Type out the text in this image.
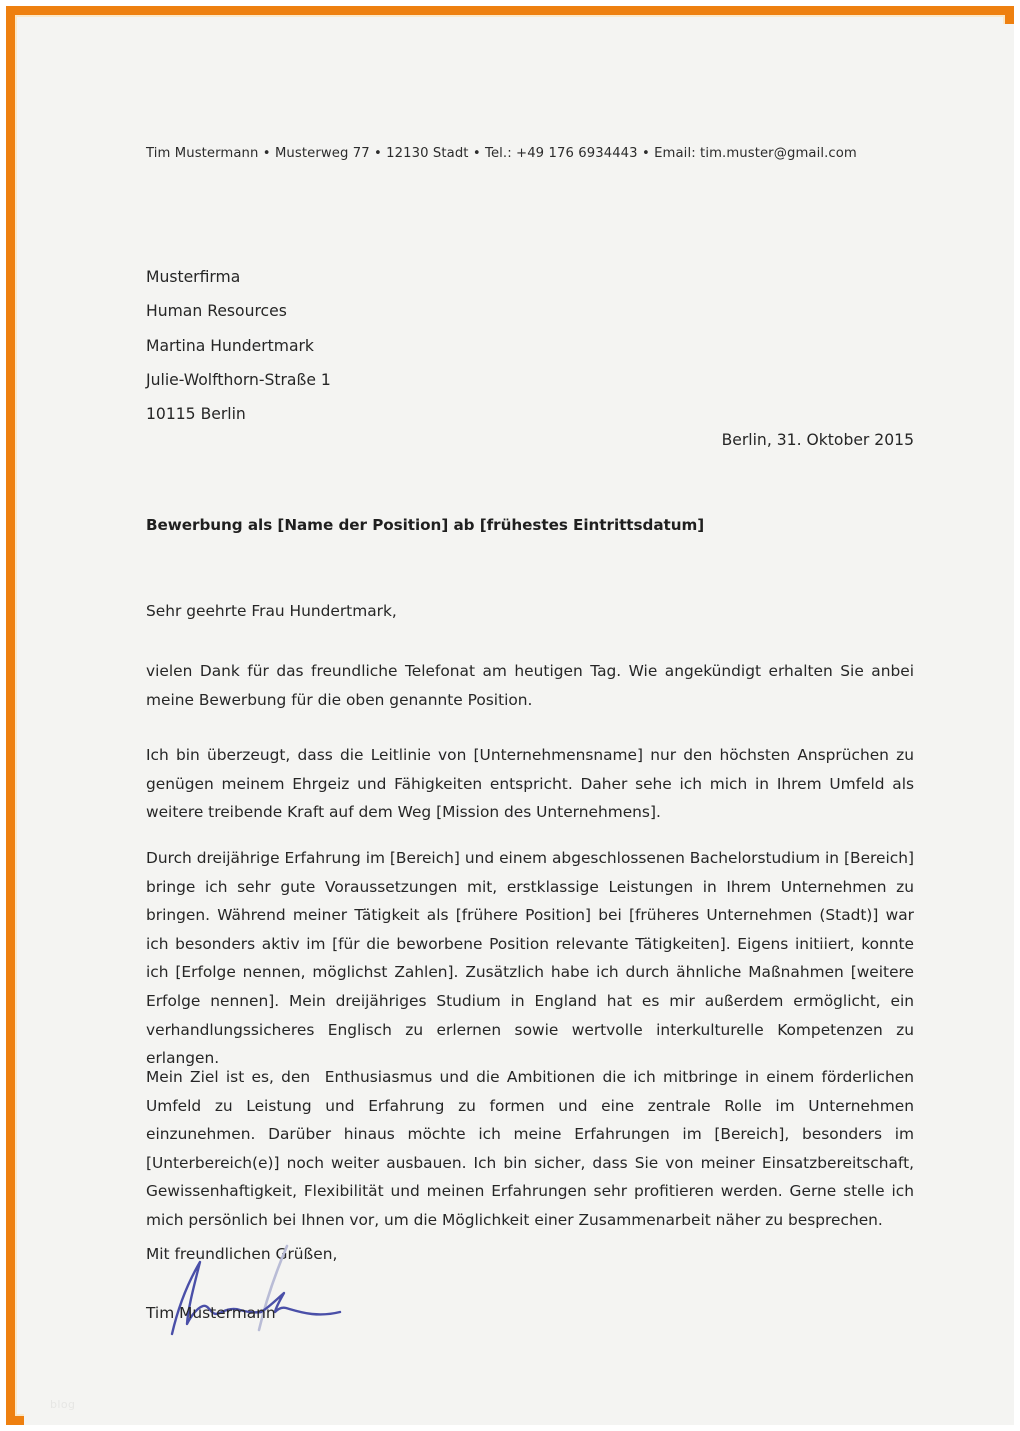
Tim Mustermann • Musterweg 77 • 12130 Stadt • Tel.: +49 176 6934443 • Email: tim.muster@gmail.com
Musterfirma
Human Resources
Martina Hundertmark
Julie-Wolfthorn-Straße 1
10115 Berlin
Berlin, 31. Oktober 2015
Bewerbung als [Name der Position] ab [frühestes Eintrittsdatum]
Sehr geehrte Frau Hundertmark,
vielen Dank für das freundliche Telefonat am heutigen Tag. Wie angekündigt erhalten Sie anbei meine Bewerbung für die oben genannte Position.
Ich bin überzeugt, dass die Leitlinie von [Unternehmensname] nur den höchsten Ansprüchen zu genügen meinem Ehrgeiz und Fähigkeiten entspricht. Daher sehe ich mich in Ihrem Umfeld als weitere treibende Kraft auf dem Weg [Mission des Unternehmens].
Durch dreijährige Erfahrung im [Bereich] und einem abgeschlossenen Bachelorstudium in [Bereich] bringe ich sehr gute Voraussetzungen mit, erstklassige Leistungen in Ihrem Unternehmen zu bringen. Während meiner Tätigkeit als [frühere Position] bei [früheres Unternehmen (Stadt)] war ich besonders aktiv im [für die beworbene Position relevante Tätigkeiten]. Eigens initiiert, konnte ich [Erfolge nennen, möglichst Zahlen]. Zusätzlich habe ich durch ähnliche Maßnahmen [weitere Erfolge nennen]. Mein dreijähriges Studium in England hat es mir außerdem ermöglicht, ein verhandlungssicheres Englisch zu erlernen sowie wertvolle interkulturelle Kompetenzen zu erlangen.
Mein Ziel ist es, den  Enthusiasmus und die Ambitionen die ich mitbringe in einem förderlichen Umfeld zu Leistung und Erfahrung zu formen und eine zentrale Rolle im Unternehmen einzunehmen. Darüber hinaus möchte ich meine Erfahrungen im [Bereich], besonders im [Unterbereich(e)] noch weiter ausbauen. Ich bin sicher, dass Sie von meiner Einsatzbereitschaft, Gewissenhaftigkeit, Flexibilität und meinen Erfahrungen sehr profitieren werden. Gerne stelle ich mich persönlich bei Ihnen vor, um die Möglichkeit einer Zusammenarbeit näher zu besprechen.
Mit freundlichen Grüßen,
Tim Mustermann
blog
